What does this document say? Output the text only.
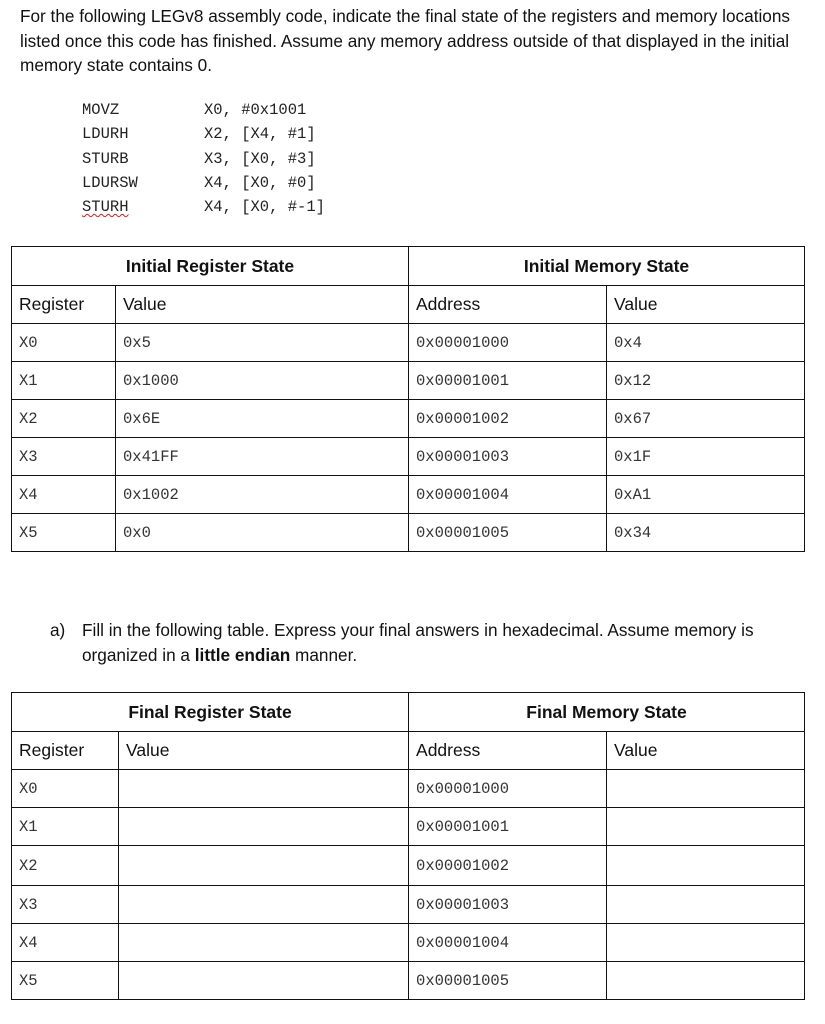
For the following LEGv8 assembly code, indicate the final state of the registers and memory locations listed once this code has finished. Assume any memory address outside of that displayed in the initial memory state contains 0.
MOVZ	X0, #0x1001
LDURH	X2, [X4, #1]
STURB	X3, [X0, #3]
LDURSW	X4, [X0, #0]
STURH	X4, [X0, #-1]
Initial Register State		Initial Memory State	
Register	Value	Address	Value
X0	0x5	0x00001000	0x4
X1	0x1000	0x00001001	0x12
X2	0x6E	0x00001002	0x67
X3	0x41FF	0x00001003	0x1F
X4	0x1002	0x00001004	0xA1
X5	0x0	0x00001005	0x34
a) Fill in the following table. Express your final answers in hexadecimal. Assume memory is organized in a little endian manner.
Final Register State		Final Memory State	
Register	Value	Address	Value
X0		0x00001000	
X1		0x00001001	
X2		0x00001002	
X3		0x00001003	
X4		0x00001004	
X5		0x00001005	
